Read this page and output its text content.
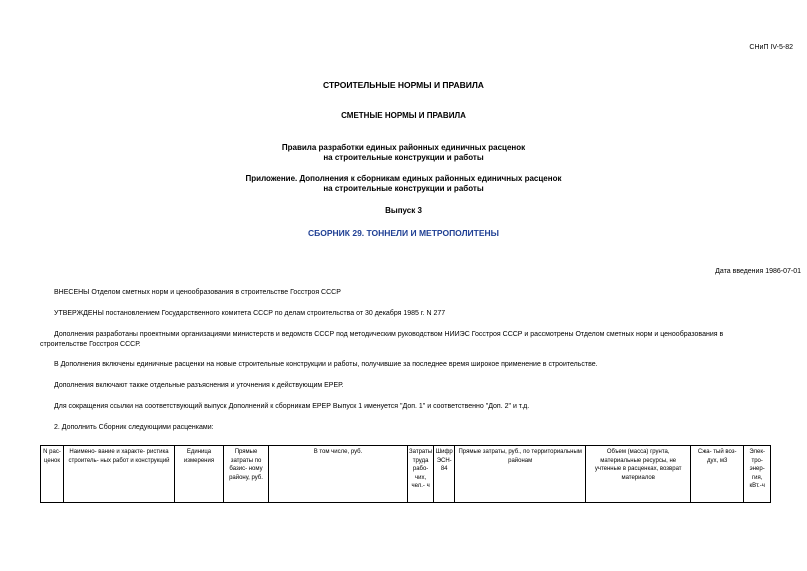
СНиП IV-5-82
СТРОИТЕЛЬНЫЕ НОРМЫ И ПРАВИЛА
СМЕТНЫЕ НОРМЫ И ПРАВИЛА
Правила разработки единых районных единичных расценок
на строительные конструкции и работы
Приложение. Дополнения к сборникам единых районных единичных расценок
на строительные конструкции и работы
Выпуск 3
СБОРНИК 29. ТОННЕЛИ И МЕТРОПОЛИТЕНЫ
Дата введения 1986-07-01
ВНЕСЕНЫ Отделом сметных норм и ценообразования в строительстве Госстроя СССР
УТВЕРЖДЕНЫ постановлением Государственного комитета СССР по делам строительства от 30 декабря 1985 г. N 277
Дополнения разработаны проектными организациями министерств и ведомств СССР под методическим руководством НИИЭС Госстроя СССР и рассмотрены Отделом сметных норм и ценообразования в
строительстве Госстроя СССР.
В Дополнения включены единичные расценки на новые строительные конструкции и работы, получившие за последнее время широкое применение в строительстве.
Дополнения включают также отдельные разъяснения и уточнения к действующим ЕРЕР.
Для сокращения ссылки на соответствующий выпуск Дополнений к сборникам ЕРЕР Выпуск 1 именуется "Доп. 1" и соответственно "Доп. 2" и т.д.
2. Дополнить Сборник следующими расценками:
N рас- ценок	Наимено- вание и характе- ристика строитель- ных работ и конструкций	Единица измерения	Прямые затраты по базис- ному району, руб.	В том числе, руб.	Затраты труда рабо- чих, чел.- ч	Шифр ЭСН- 84	Прямые затраты, руб., по территориальным районам	Объем (масса) грунта, материальные ресурсы, не учтенные в расценках, возврат материалов	Сжа- тый воз- дух, м3	Элек- тро- энер- гия, кВт.-ч
